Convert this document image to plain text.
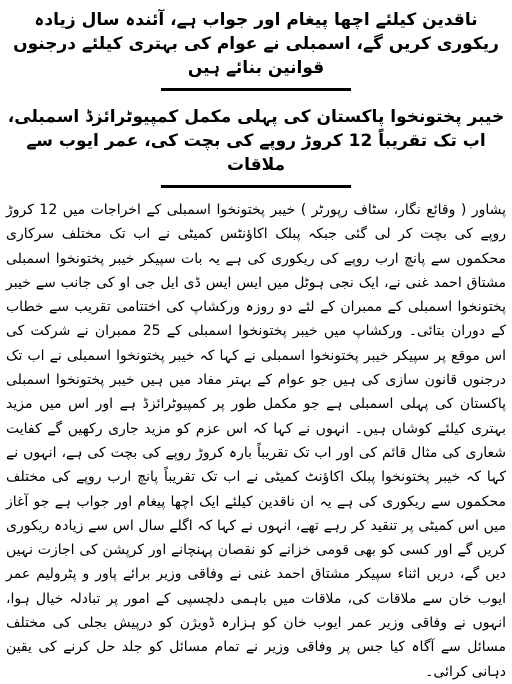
ناقدین کیلئے اچھا پیغام اور جواب ہے، آئندہ سال زیادہ ریکوری کریں گے، اسمبلی نے عوام کی بہتری کیلئے درجنوں قوانین بنائے ہیں
خیبر پختونخوا پاکستان کی پہلی مکمل کمپیوٹرائزڈ اسمبلی، اب تک تقریباً 12 کروڑ روپے کی بچت کی، عمر ایوب سے ملاقات

پشاور ( وقائع نگار، سٹاف رپورٹر ) خیبر پختونخوا اسمبلی کے اخراجات میں 12 کروڑ روپے کی بچت کر لی گئی جبکہ پبلک اکاؤنٹس کمیٹی نے اب تک مختلف سرکاری محکموں سے پانچ ارب روپے کی ریکوری کی ہے یہ بات سپیکر خیبر پختونخوا اسمبلی مشتاق احمد غنی نے، ایک نجی ہوٹل میں ایس ایس ڈی ایل جی او کی جانب سے خیبر پختونخوا اسمبلی کے ممبران کے لئے دو روزہ ورکشاپ کی اختتامی تقریب سے خطاب کے دوران بتائی۔ ورکشاپ میں خیبر پختونخوا اسمبلی کے 25 ممبران نے شرکت کی اس موقع پر سپیکر خیبر پختونخوا اسمبلی نے کہا کہ خیبر پختونخوا اسمبلی نے اب تک درجنوں قانون سازی کی ہیں جو عوام کے بہتر مفاد میں ہیں خیبر پختونخوا اسمبلی پاکستان کی پہلی اسمبلی ہے جو مکمل طور پر کمپیوٹرائزڈ ہے اور اس میں مزید بہتری کیلئے کوشاں ہیں۔ انہوں نے کہا کہ اس عزم کو مزید جاری رکھیں گے کفایت شعاری کی مثال قائم کی اور اب تک تقریباً بارہ کروڑ روپے کی بچت کی ہے، انہوں نے کہا کہ خیبر پختونخوا پبلک اکاؤنٹ کمیٹی نے اب تک تقریباً پانچ ارب روپے کی مختلف محکموں سے ریکوری کی ہے یہ ان ناقدین کیلئے ایک اچھا پیغام اور جواب ہے جو آغاز میں اس کمیٹی پر تنقید کر رہے تھے، انہوں نے کہا کہ اگلے سال اس سے زیادہ ریکوری کریں گے اور کسی کو بھی قومی خزانے کو نقصان پہنچانے اور کرپشن کی اجازت نہیں دیں گے، دریں اثناء سپیکر مشتاق احمد غنی نے وفاقی وزیر برائے پاور و پٹرولیم عمر ایوب خان سے ملاقات کی، ملاقات میں باہمی دلچسپی کے امور پر تبادلہ خیال ہوا، انہوں نے وفاقی وزیر عمر ایوب خان کو ہزارہ ڈویژن کو درپیش بجلی کی مختلف مسائل سے آگاہ کیا جس پر وفاقی وزیر نے تمام مسائل کو جلد حل کرنے کی یقین دہانی کرائی۔
